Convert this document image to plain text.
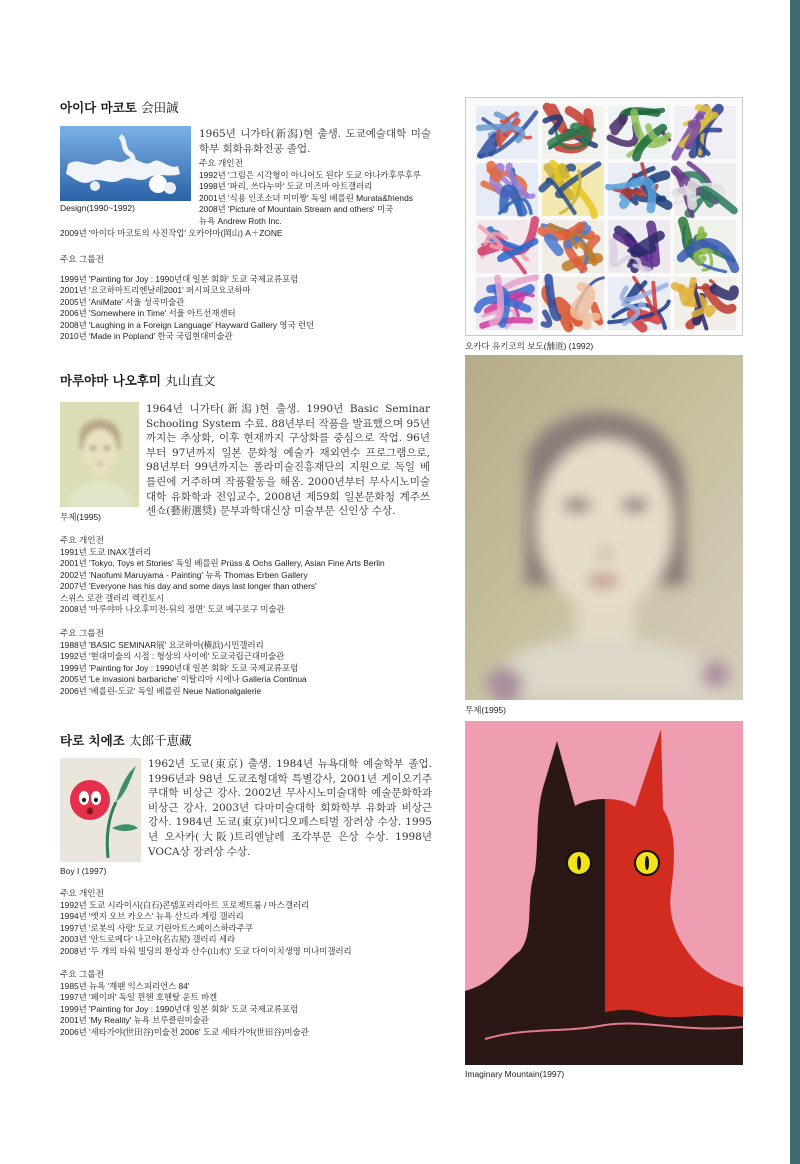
아이다 마코토 会田誠
Design(1990~1992)
1965년 니가타(新潟)현 출생. 도쿄예술대학 미술학부 회화유화전공 졸업.
주요 개인전
1992년 '그림은 시각형이 아니어도 된다' 도쿄 야나카후루후루
1998년 '파리, 쓰다누마' 도쿄 미즈마 아트갤러리
2001년 '식용 인조소녀 미미짱' 독일 베를린 Murata&friends
2008년 'Picture of Mountain Stream and others' 미국
뉴욕 Andrew Roth Inc.
2009년 '아이다 마코토의 사진작업' 오카야마(岡山) A＋ZONE
주요 그룹전
1999년 'Painting for Joy : 1990년대 일본 회화' 도쿄 국제교류포럼
2001년 '요코하마트리엔날레2001' 퍼시피코요코하마
2005년 'AniMate' 서울 성곡미술관
2006년 'Somewhere in Time' 서울 아트선재센터
2008년 'Laughing in a Foreign Language' Hayward Gallery 영국 런던
2010년 'Made in Popland' 한국 국립현대미술관
오카다 유키코의 보도(舗道) (1992)
마루야마 나오후미 丸山直文
무제(1995)
1964년 니가타(新潟)현 출생. 1990년 Basic Seminar Schooling System 수료. 88년부터 작품을 발표했으며 95년까지는 추상화, 이후 현재까지 구상화를 중심으로 작업. 96년부터 97년까지 일본 문화청 예술가 재외연수 프로그램으로, 98년부터 99년까지는 폴라미술진흥재단의 지원으로 독일 베를린에 거주하며 작품활동을 해옴. 2000년부터 무사시노미술대학 유화학과 전임교수, 2008년 제59회 일본문화청 계주쓰센쇼(藝術選奨) 문부과학대신상 미술부문 신인상 수상.
주요 개인전
1991년 도쿄 INAX갤러리
2001년 'Tokyo, Toys et Stories' 독일 베를린 Prüss & Ochs Gallery, Asian Fine Arts Berlin
2002년 'Naofumi Maruyama - Painting' 뉴욕 Thomas Erben Gallery
2007년 'Everyone has his day and some days last longer than others'
스위스 로잔 갤러리 렉킨토시
2008년 '마루야마 나오후미전-뒤의 정면' 도쿄 메구로구 미술관
주요 그룹전
1988년 'BASIC SEMINAR展' 요코하마(横浜)시민갤러리
1992년 '현대미술의 시점 : 형상의 사이에' 도쿄국립근대미술관
1999년 'Painting for Joy : 1990년대 일본 회화' 도쿄 국제교류포럼
2005년 'Le invasioni barbariche' 이탈리아 시에나 Galleria Continua
2006년 '베를린-도쿄' 독일 베를린 Neue Nationalgalerie
무제(1995)
타로 치에조 太郎千恵藏
Boy I (1997)
1962년 도쿄(東京) 출생. 1984년 뉴욕대학 예술학부 졸업. 1996년과 98년 도쿄조형대학 특별강사, 2001년 게이오기주쿠대학 비상근 강사. 2002년 무사시노미술대학 예술문화학과 비상근 강사. 2003년 다마미술대학 회화학부 유화과 비상근 강사. 1984년 도쿄(東京)비디오페스티벌 장려상 수상. 1995년 오사카(大阪)트리엔날레 조각부문 은상 수상. 1998년 VOCA상 장려상 수상.
주요 개인전
1992년 도쿄 시라이시(白石)콘템포러리아트 프로젝트룸 / 마스갤러리
1994년 '엣지 오브 카오스' 뉴욕 산드라 게링 갤러리
1997년 '로봇의 사랑' 도쿄 기린아트스페이스하라주쿠
2003년 '안드로메다' 나고야(名古屋) 갤러리 세라
2008년 '두 개의 타워 빌딩의 환상과 산수(山水)' 도쿄 다이이치생명 미나미갤러리
주요 그룹전
1985년 뉴욕 '재팬 익스피리언스 84'
1997년 '페이퍼' 독일 뮌헨 호헨탈 운트 바겐
1999년 'Painting for Joy : 1990년대 일본 회화' 도쿄 국제교류포럼
2001년 'My Reality' 뉴욕 브루클린미술관
2006년 '세타가야(世田谷)미술전 2006' 도쿄 세타가야(世田谷)미술관
Imaginary Mountain(1997)
